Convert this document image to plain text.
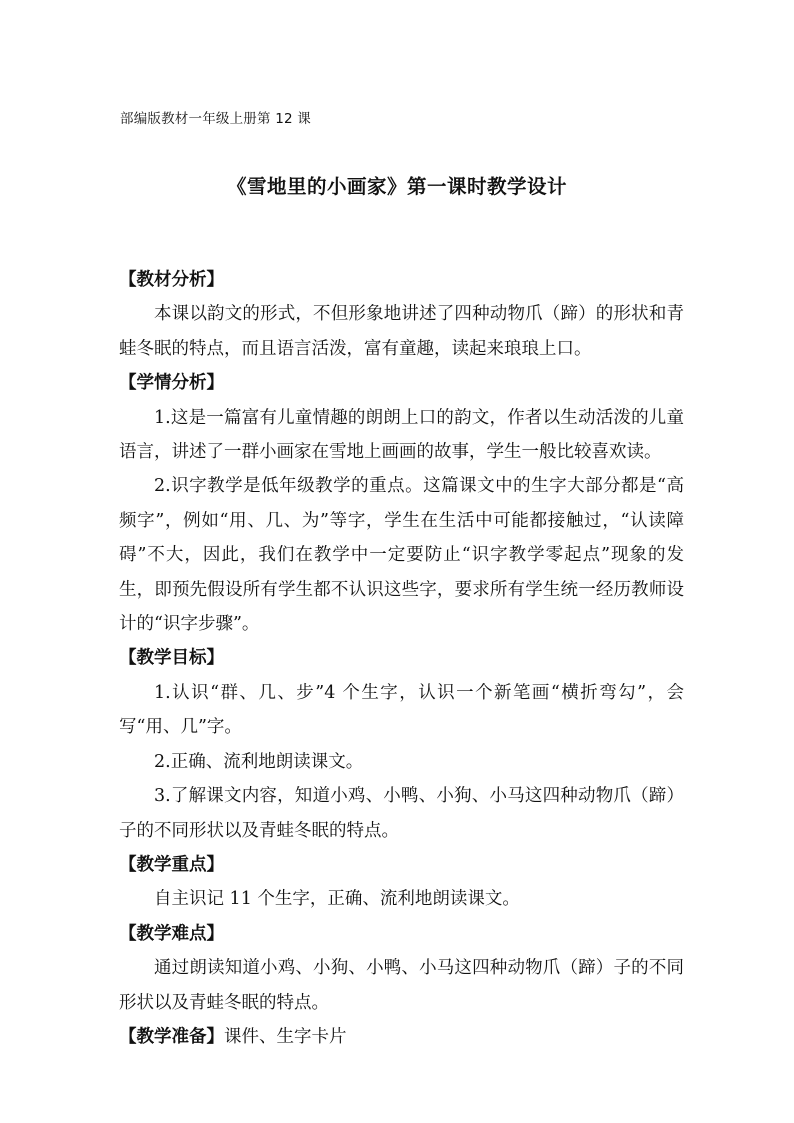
部编版教材一年级上册第 12 课
《雪地里的小画家》第一课时教学设计

【教材分析】

本课以韵文的形式，不但形象地讲述了四种动物爪（蹄）的形状和青蛙冬眠的特点，而且语言活泼，富有童趣，读起来琅琅上口。

【学情分析】

1.这是一篇富有儿童情趣的朗朗上口的韵文，作者以生动活泼的儿童语言，讲述了一群小画家在雪地上画画的故事，学生一般比较喜欢读。

2.识字教学是低年级教学的重点。这篇课文中的生字大部分都是“高频字”，例如“用、几、为”等字，学生在生活中可能都接触过，“认读障碍”不大，因此，我们在教学中一定要防止“识字教学零起点”现象的发生，即预先假设所有学生都不认识这些字，要求所有学生统一经历教师设计的“识字步骤”。

【教学目标】

1.认识“群、几、步”4 个生字，认识一个新笔画“横折弯勾”，会写“用、几”字。

2.正确、流利地朗读课文。

3.了解课文内容，知道小鸡、小鸭、小狗、小马这四种动物爪（蹄）子的不同形状以及青蛙冬眠的特点。

【教学重点】

自主识记 11 个生字，正确、流利地朗读课文。

【教学难点】

通过朗读知道小鸡、小狗、小鸭、小马这四种动物爪（蹄）子的不同形状以及青蛙冬眠的特点。

【教学准备】课件、生字卡片
